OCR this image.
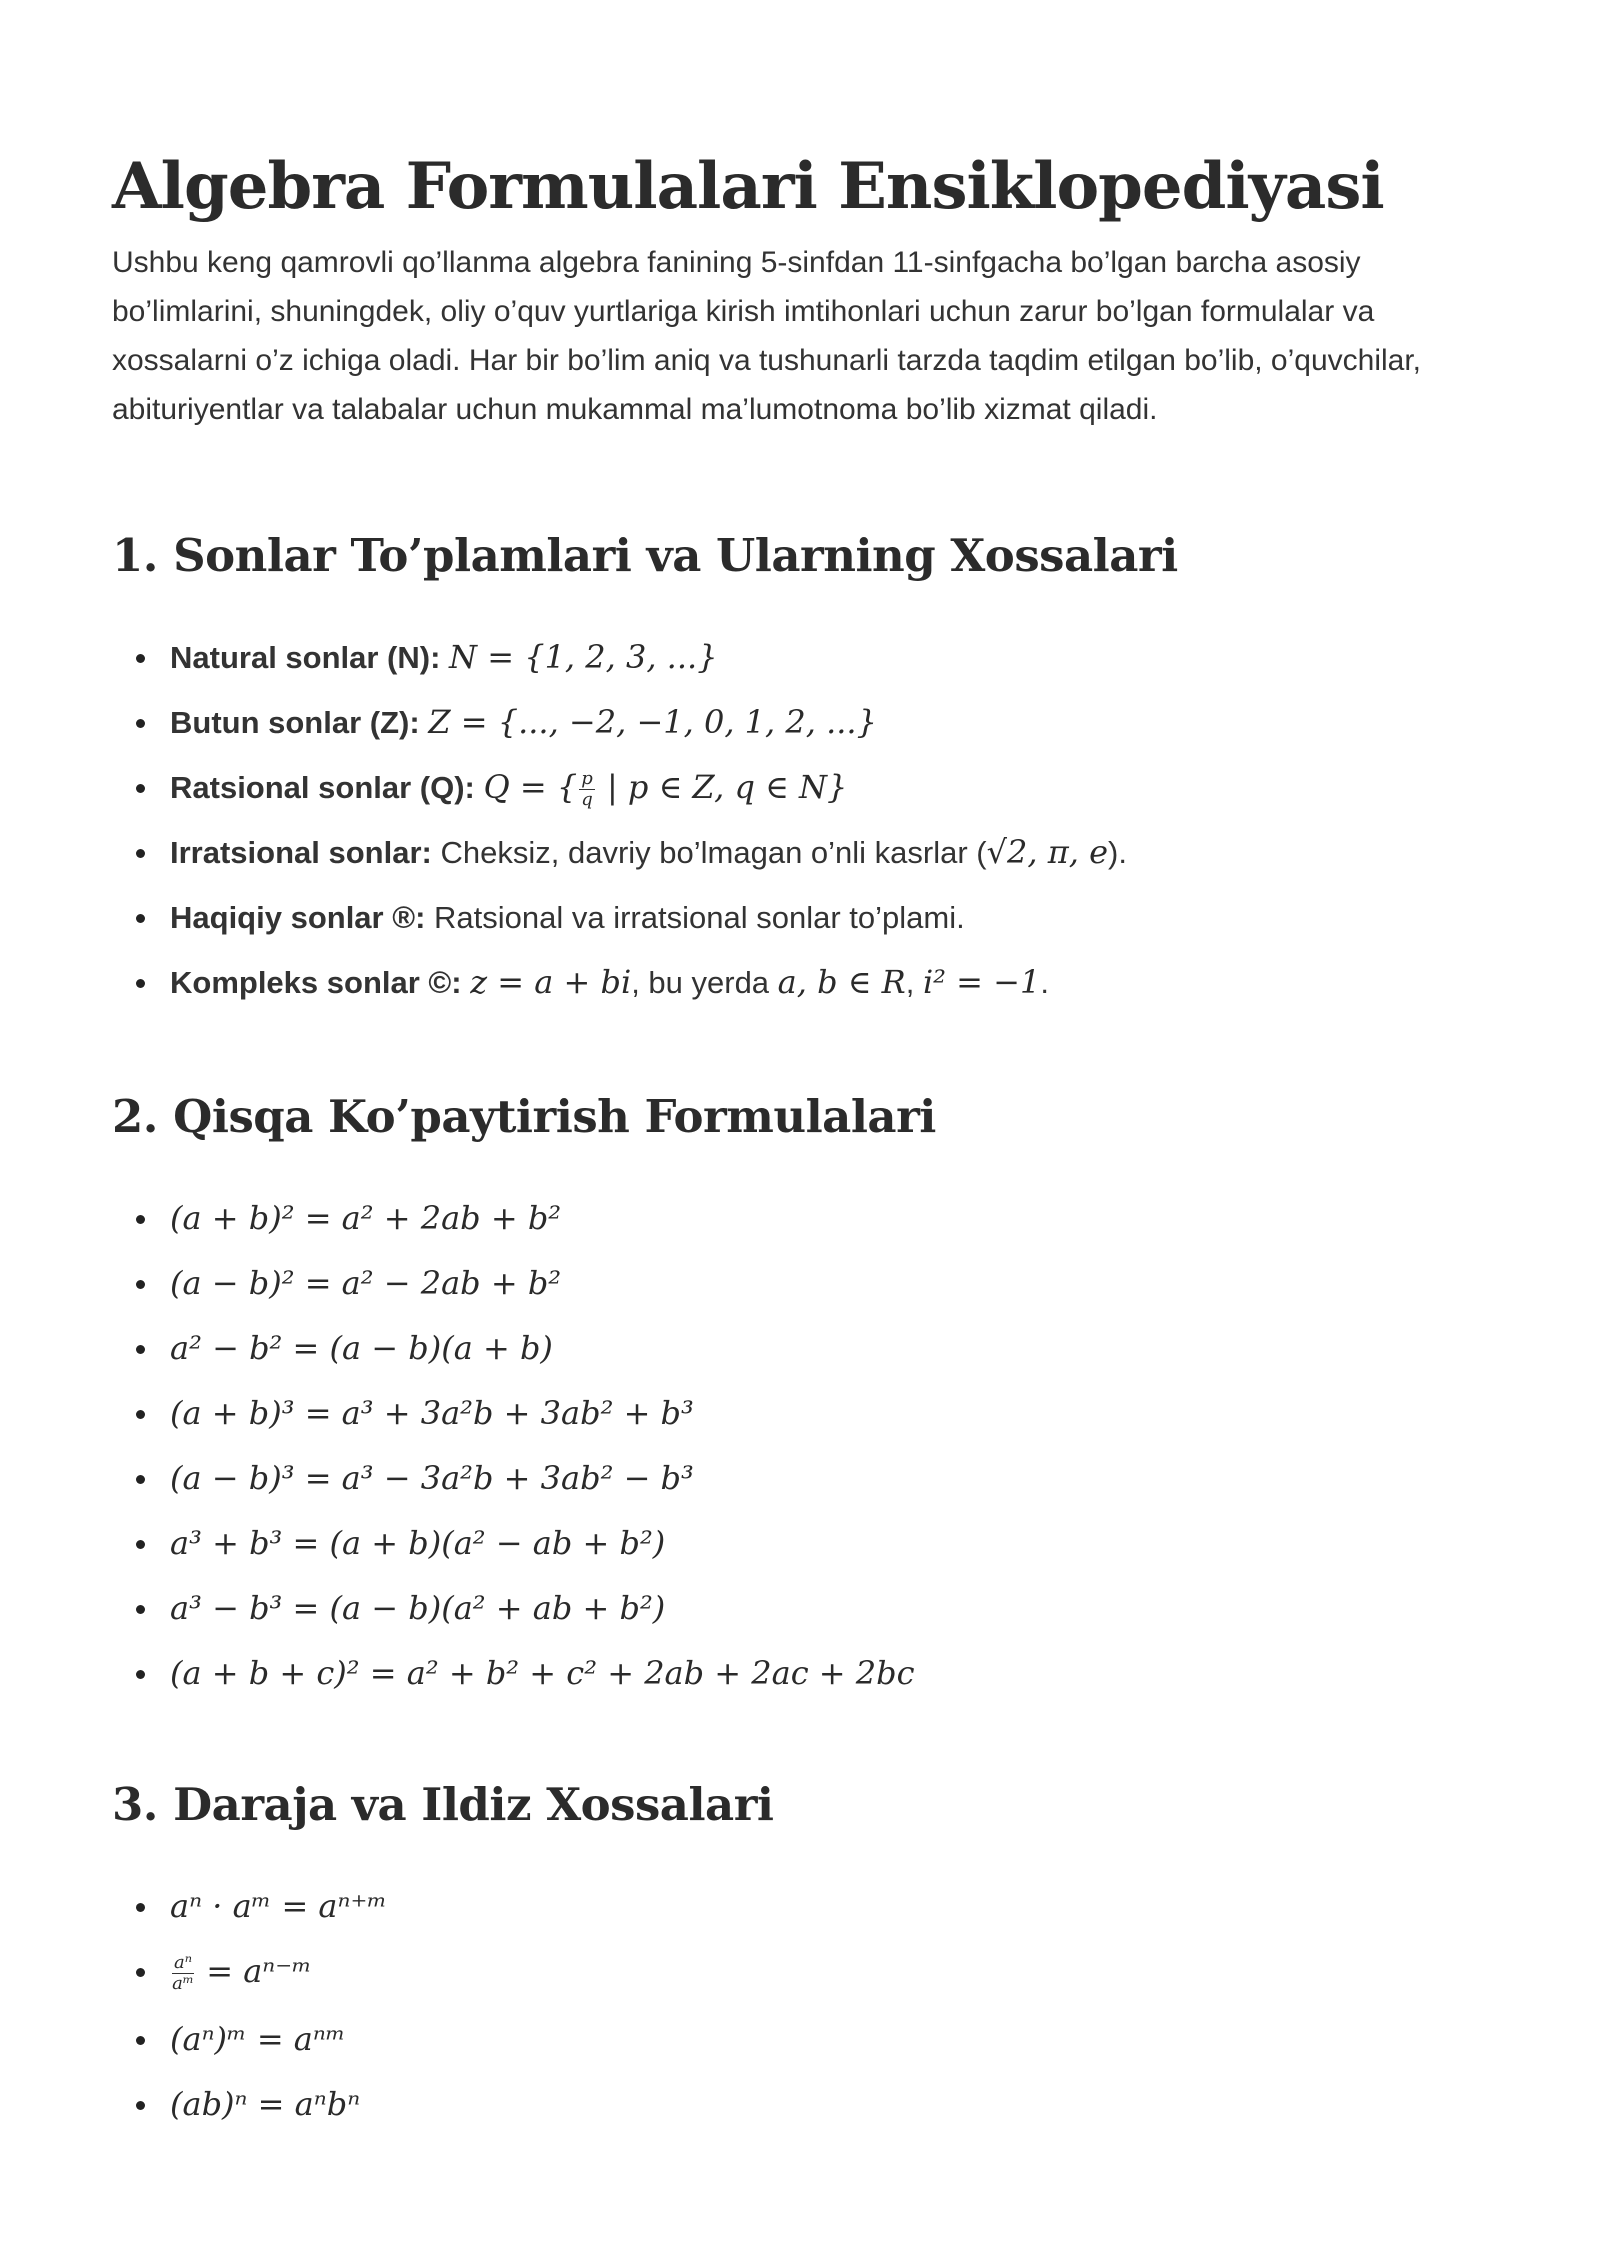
Algebra Formulalari Ensiklopediyasi

Ushbu keng qamrovli qo’llanma algebra fanining 5-sinfdan 11-sinfgacha bo’lgan barcha asosiy bo’limlarini, shuningdek, oliy o’quv yurtlariga kirish imtihonlari uchun zarur bo’lgan formulalar va xossalarni o’z ichiga oladi. Har bir bo’lim aniq va tushunarli tarzda taqdim etilgan bo’lib, o’quvchilar, abituriyentlar va talabalar uchun mukammal ma’lumotnoma bo’lib xizmat qiladi.

1. Sonlar To’plamlari va Ularning Xossalari
Natural sonlar (N): N = {1, 2, 3, ...}
Butun sonlar (Z): Z = {..., −2, −1, 0, 1, 2, ...}
Ratsional sonlar (Q): Q = { $\frac{p}{q}$ | p ∈ Z, q ∈ N}
Irratsional sonlar: Cheksiz, davriy bo’lmagan o’nli kasrlar (√2, π, e).
Haqiqiy sonlar ®: Ratsional va irratsional sonlar to’plami.
Kompleks sonlar ©: z = a + bi, bu yerda a, b ∈ R, i² = −1.
2. Qisqa Ko’paytirish Formulalari
(a + b)² = a² + 2ab + b²
(a − b)² = a² − 2ab + b²
a² − b² = (a − b)(a + b)
(a + b)³ = a³ + 3a²b + 3ab² + b³
(a − b)³ = a³ − 3a²b + 3ab² − b³
a³ + b³ = (a + b)(a² − ab + b²)
a³ − b³ = (a − b)(a² + ab + b²)
(a + b + c)² = a² + b² + c² + 2ab + 2ac + 2bc
3. Daraja va Ildiz Xossalari
aⁿ · aᵐ = aⁿ⁺ᵐ
$\frac{\text{aⁿ}}{\text{aᵐ}}$ = aⁿ⁻ᵐ
(aⁿ)ᵐ = aⁿᵐ
(ab)ⁿ = aⁿbⁿ
